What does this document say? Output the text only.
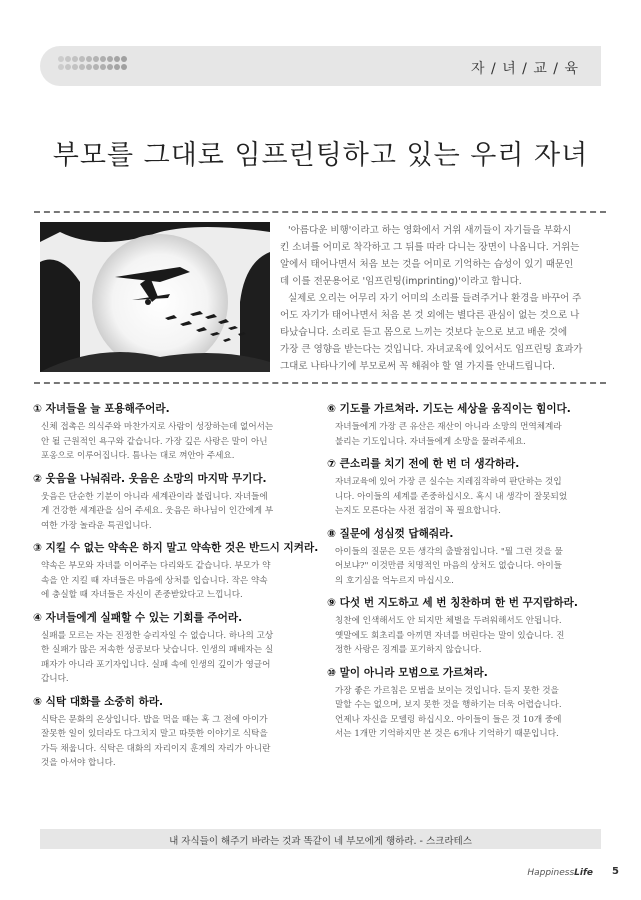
자 / 녀 / 교 / 육
부모를 그대로 임프린팅하고 있는 우리 자녀
'아름다운 비행'이라고 하는 영화에서 거위 새끼들이 자기들을 부화시
킨 소녀를 어미로 착각하고 그 뒤를 따라 다니는 장면이 나옵니다. 거위는
알에서 태어나면서 처음 보는 것을 어미로 기억하는 습성이 있기 때문인
데 이를 전문용어로 '임프린팅(imprinting)'이라고 합니다.
실제로 오리는 어무리 자기 어미의 소리를 들려주거나 환경을 바꾸어 주
어도 자기가 태어나면서 처음 본 것 외에는 별다른 관심이 없는 것으로 나
타났습니다. 소리로 듣고 몸으로 느끼는 것보다 눈으로 보고 배운 것에
가장 큰 영향을 받는다는 것입니다. 자녀교육에 있어서도 임프린팅 효과가
그대로 나타나기에 부모로써 꼭 해줘야 할 열 가지를 안내드립니다.
① 자녀들을 늘 포용해주어라.
신체 접촉은 의식주와 마찬가지로 사람이 성장하는데 없어서는
안 될 근원적인 욕구와 같습니다. 가장 깊은 사랑은 말이 아닌
포옹으로 이루어집니다. 틈나는 대로 껴안아 주세요.
② 웃음을 나눠줘라. 웃음은 소망의 마지막 무기다.
웃음은 단순한 기분이 아니라 세계관이라 불립니다. 자녀들에
게 건강한 세계관을 심어 주세요. 웃음은 하나님이 인간에게 부
여한 가장 놀라운 특권입니다.
③ 지킬 수 없는 약속은 하지 말고 약속한 것은 반드시 지켜라.
약속은 부모와 자녀를 이어주는 다리와도 같습니다. 부모가 약
속을 안 지킬 때 자녀들은 마음에 상처를 입습니다. 작은 약속
에 충실할 때 자녀들은 자신이 존중받았다고 느낍니다.
④ 자녀들에게 실패할 수 있는 기회를 주어라.
실패를 모르는 자는 진정한 승리자일 수 없습니다. 하나의 고상
한 실패가 많은 저속한 성공보다 낫습니다. 인생의 패배자는 실
패자가 아니라 포기자입니다. 실패 속에 인생의 깊이가 영글어
갑니다.
⑤ 식탁 대화를 소중히 하라.
식탁은 문화의 온상입니다. 밥을 먹을 때는 혹 그 전에 아이가
잘못한 일이 있더라도 다그치지 말고 따뜻한 이야기로 식탁을
가득 채웁니다. 식탁은 대화의 자리이지 훈계의 자리가 아니란
것을 아셔야 합니다.
⑥ 기도를 가르쳐라. 기도는 세상을 움직이는 힘이다.
자녀들에게 가장 큰 유산은 재산이 아니라 소망의 먼역체계라
불리는 기도입니다. 자녀들에게 소망을 물려주세요.
⑦ 큰소리를 치기 전에 한 번 더 생각하라.
자녀교육에 있어 가장 큰 실수는 지레짐작하여 판단하는 것입
니다. 아이들의 세계를 존중하십시오. 혹시 내 생각이 잘못되었
는지도 모른다는 사전 점검이 꼭 필요합니다.
⑧ 질문에 성심껏 답해줘라.
아이들의 질문은 모든 생각의 출발점입니다. "뭘 그런 것을 물
어보냐?" 이것만큼 치명적인 마음의 상처도 없습니다. 아이들
의 호기심을 억누르지 마십시오.
⑨ 다섯 번 지도하고 세 번 칭찬하며 한 번 꾸지람하라.
칭찬에 인색해서도 안 되지만 체벌을 두려워해서도 안됩니다.
옛말에도 회초리를 아끼면 자녀를 버린다는 말이 있습니다. 진
정한 사랑은 징계를 포기하지 않습니다.
⑩ 말이 아니라 모범으로 가르쳐라.
가장 좋은 가르침은 모범을 보이는 것입니다. 듣지 못한 것을
말할 수는 없으며, 보지 못한 것을 행하기는 더욱 어렵습니다.
언제나 자신을 모델링 하십시오. 아이들이 들은 것 10개 중에
서는 1개만 기억하지만 본 것은 6개나 기억하기 때문입니다.
내 자식들이 해주기 바라는 것과 똑같이 네 부모에게 행하라. - 스크라테스
HappinessLife 5
